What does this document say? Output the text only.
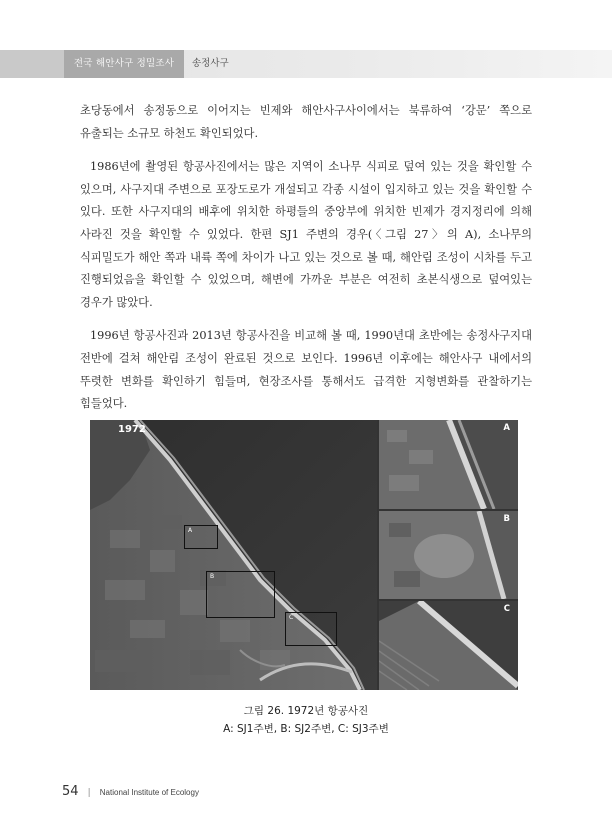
전국 해안사구 정밀조사	송정사구

초당동에서 송정동으로 이어지는 빈제와 해안사구사이에서는 북류하여 ‘강문’ 쪽으로 유출되는 소규모 하천도 확인되었다.

1986년에 촬영된 항공사진에서는 많은 지역이 소나무 식피로 덮여 있는 것을 확인할 수 있으며, 사구지대 주변으로 포장도로가 개설되고 각종 시설이 입지하고 있는 것을 확인할 수 있다. 또한 사구지대의 배후에 위치한 하평들의 중앙부에 위치한 빈제가 경지정리에 의해 사라진 것을 확인할 수 있었다. 한편 SJ1 주변의 경우(〈그림 27〉의 A), 소나무의 식피밀도가 해안 쪽과 내륙 쪽에 차이가 나고 있는 것으로 볼 때, 해안림 조성이 시차를 두고 진행되었음을 확인할 수 있었으며, 해변에 가까운 부분은 여전히 초본식생으로 덮여있는 경우가 많았다.

1996년 항공사진과 2013년 항공사진을 비교해 볼 때, 1990년대 초반에는 송정사구지대 전반에 걸쳐 해안림 조성이 완료된 것으로 보인다. 1996년 이후에는 해안사구 내에서의 뚜렷한 변화를 확인하기 힘들며, 현장조사를 통해서도 급격한 지형변화를 관찰하기는 힘들었다.

1972
A
B
C
A
B
C
그림 26. 1972년 항공사진
A: SJ1주변, B: SJ2주변, C: SJ3주변
54 | National Institute of Ecology
